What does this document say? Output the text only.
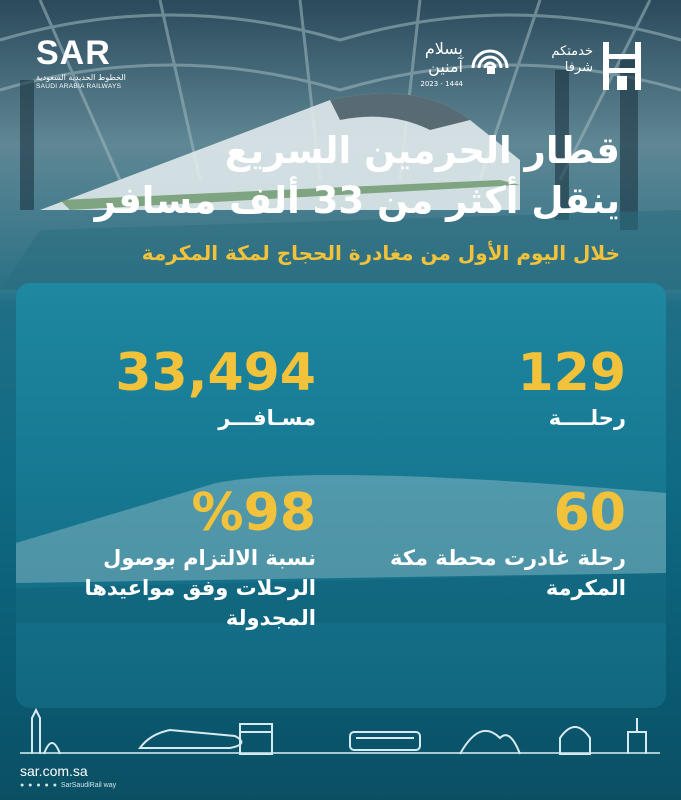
SAR
الخطوط الحديدية السعودية
SAUDI ARABIA RAILWAYS
بسلام آمنين
2023 - 1444
خدمتكم شرفا
قطار الحرمين السريع
ينقل أكثر من 33 ألف مسافر
خلال اليوم الأول من مغادرة الحجاج لمكة المكرمة
129
رحلــــة
33,494
مسـافـــر
60
رحلة غادرت محطة مكة المكرمة
%98
نسبة الالتزام بوصول الرحلات وفق مواعيدها المجدولة
sar.com.sa
● ● ● ● ● SarSaudiRail way
